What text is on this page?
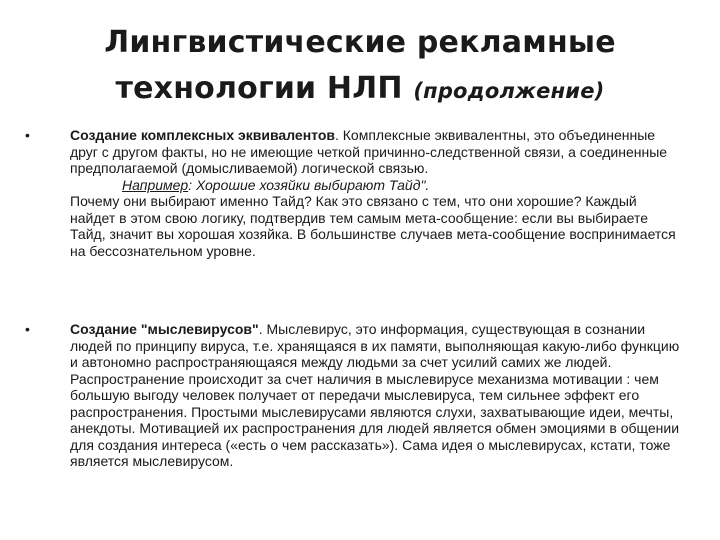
Лингвистические рекламные
технологии НЛП (продолжение)
•	Создание комплексных эквивалентов. Комплексные эквивалентны, это объединенные друг с другом факты, но не имеющие четкой причинно-следственной связи, а соединенные предполагаемой (домысливаемой) логической связью.
Например: Хорошие хозяйки выбирают Тайд".
Почему они выбирают именно Тайд? Как это связано с тем, что они хорошие? Каждый найдет в этом свою логику, подтвердив тем самым мета-сообщение: если вы выбираете Тайд, значит вы хорошая хозяйка. В большинстве случаев мета-сообщение воспринимается на бессознательном уровне.
•	Создание "мыслевирусов". Мыслевирус, это информация, существующая в сознании людей по принципу вируса, т.е. хранящаяся в их памяти, выполняющая какую-либо функцию и автономно распространяющаяся между людьми за счет усилий самих же людей. Распространение происходит за счет наличия в мыслевирусе механизма мотивации : чем большую выгоду человек получает от передачи мыслевируса, тем сильнее эффект его распространения. Простыми мыслевирусами являются слухи, захватывающие идеи, мечты, анекдоты. Мотивацией их распространения для людей является обмен эмоциями в общении для создания интереса («есть о чем рассказать»). Сама идея о мыслевирусах, кстати, тоже является мыслевирусом.
